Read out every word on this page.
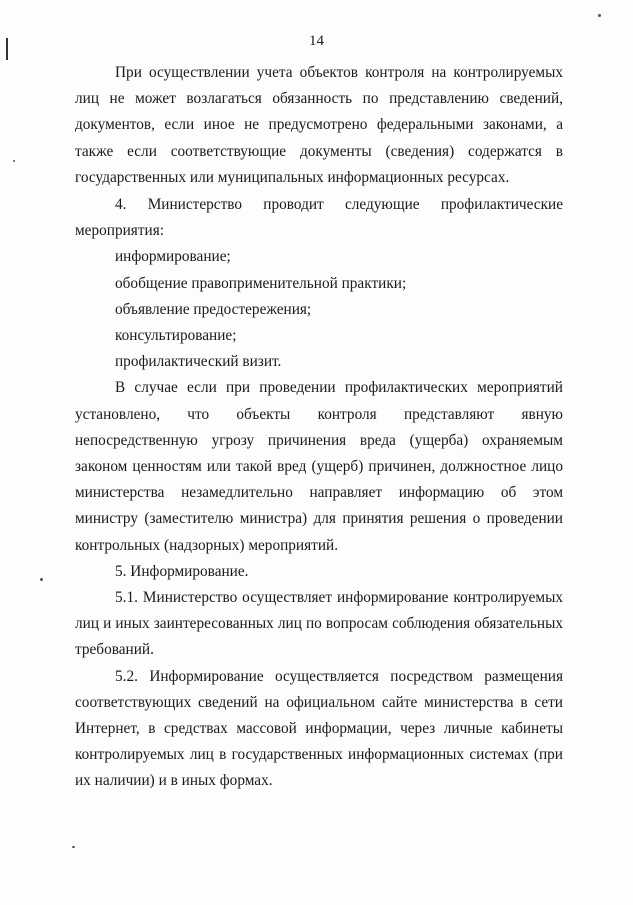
14

При осуществлении учета объектов контроля на контролируемых лиц не может возлагаться обязанность по представлению сведений, документов, если иное не предусмотрено федеральными законами, а также если соответствующие документы (сведения) содержатся в государственных или муниципальных информационных ресурсах.

4. Министерство проводит следующие профилактические мероприятия:

информирование;

обобщение правоприменительной практики;

объявление предостережения;

консультирование;

профилактический визит.

В случае если при проведении профилактических мероприятий установлено, что объекты контроля представляют явную непосредственную угрозу причинения вреда (ущерба) охраняемым законом ценностям или такой вред (ущерб) причинен, должностное лицо министерства незамедлительно направляет информацию об этом министру (заместителю министра) для принятия решения о проведении контрольных (надзорных) мероприятий.

5. Информирование.

5.1. Министерство осуществляет информирование контролируемых лиц и иных заинтересованных лиц по вопросам соблюдения обязательных требований.

5.2. Информирование осуществляется посредством размещения соответствующих сведений на официальном сайте министерства в сети Интернет, в средствах массовой информации, через личные кабинеты контролируемых лиц в государственных информационных системах (при их наличии) и в иных формах.
